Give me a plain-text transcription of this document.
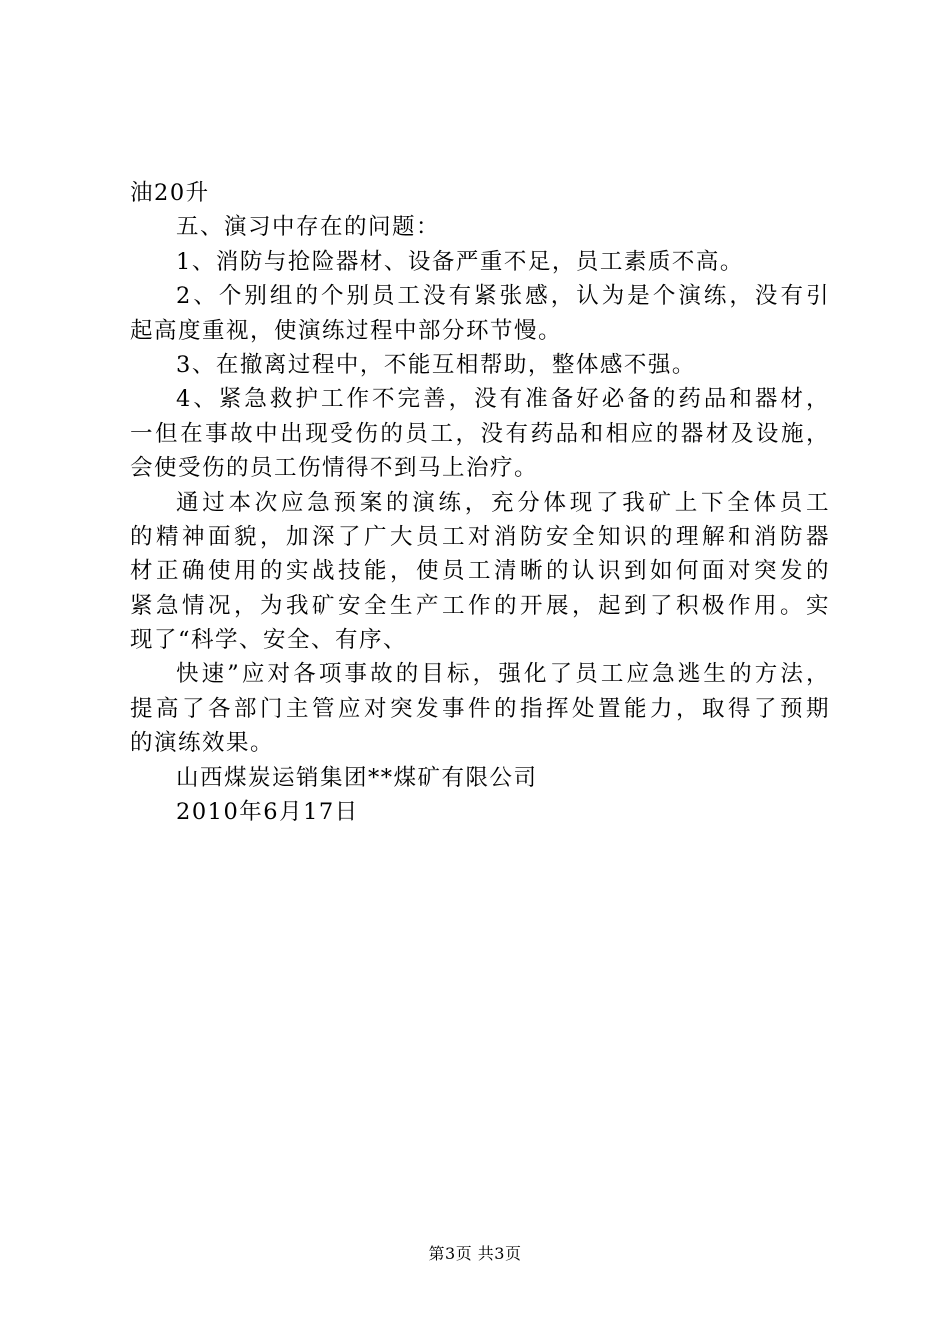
油20升
五、演习中存在的问题：
1、消防与抢险器材、设备严重不足，员工素质不高。
2、个别组的个别员工没有紧张感，认为是个演练，没有引
起高度重视，使演练过程中部分环节慢。
3、在撤离过程中，不能互相帮助，整体感不强。
4、紧急救护工作不完善，没有准备好必备的药品和器材，
一但在事故中出现受伤的员工，没有药品和相应的器材及设施，
会使受伤的员工伤情得不到马上治疗。
通过本次应急预案的演练，充分体现了我矿上下全体员工
的精神面貌，加深了广大员工对消防安全知识的理解和消防器
材正确使用的实战技能，使员工清晰的认识到如何面对突发的
紧急情况，为我矿安全生产工作的开展，起到了积极作用。实
现了“科学、安全、有序、
快速”应对各项事故的目标，强化了员工应急逃生的方法，
提高了各部门主管应对突发事件的指挥处置能力，取得了预期
的演练效果。
山西煤炭运销集团**煤矿有限公司
2010年6月17日
第3页 共3页
